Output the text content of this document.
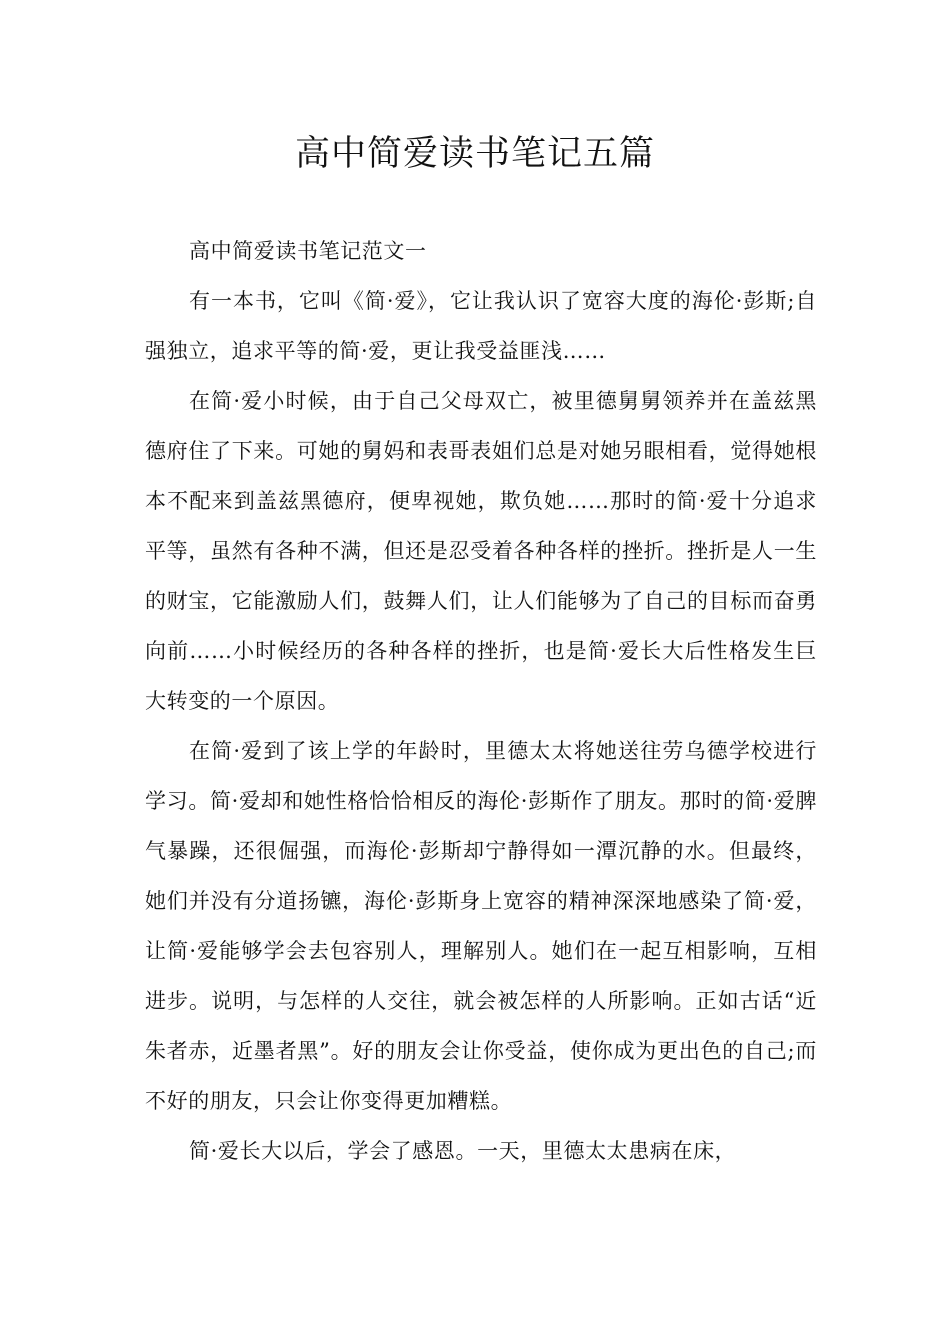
高中简爱读书笔记五篇

高中简爱读书笔记范文一

有一本书，它叫《简·爱》，它让我认识了宽容大度的海伦·彭斯;自强独立，追求平等的简·爱，更让我受益匪浅……

在简·爱小时候，由于自己父母双亡，被里德舅舅领养并在盖兹黑德府住了下来。可她的舅妈和表哥表姐们总是对她另眼相看，觉得她根本不配来到盖兹黑德府，便卑视她，欺负她……那时的简·爱十分追求平等，虽然有各种不满，但还是忍受着各种各样的挫折。挫折是人一生的财宝，它能激励人们，鼓舞人们，让人们能够为了自己的目标而奋勇向前……小时候经历的各种各样的挫折，也是简·爱长大后性格发生巨大转变的一个原因。

在简·爱到了该上学的年龄时，里德太太将她送往劳乌德学校进行学习。简·爱却和她性格恰恰相反的海伦·彭斯作了朋友。那时的简·爱脾气暴躁，还很倔强，而海伦·彭斯却宁静得如一潭沉静的水。但最终，她们并没有分道扬镳，海伦·彭斯身上宽容的精神深深地感染了简·爱，让简·爱能够学会去包容别人，理解别人。她们在一起互相影响，互相进步。说明，与怎样的人交往，就会被怎样的人所影响。正如古话“近朱者赤，近墨者黑”。好的朋友会让你受益，使你成为更出色的自己;而不好的朋友，只会让你变得更加糟糕。

简·爱长大以后，学会了感恩。一天，里德太太患病在床，
